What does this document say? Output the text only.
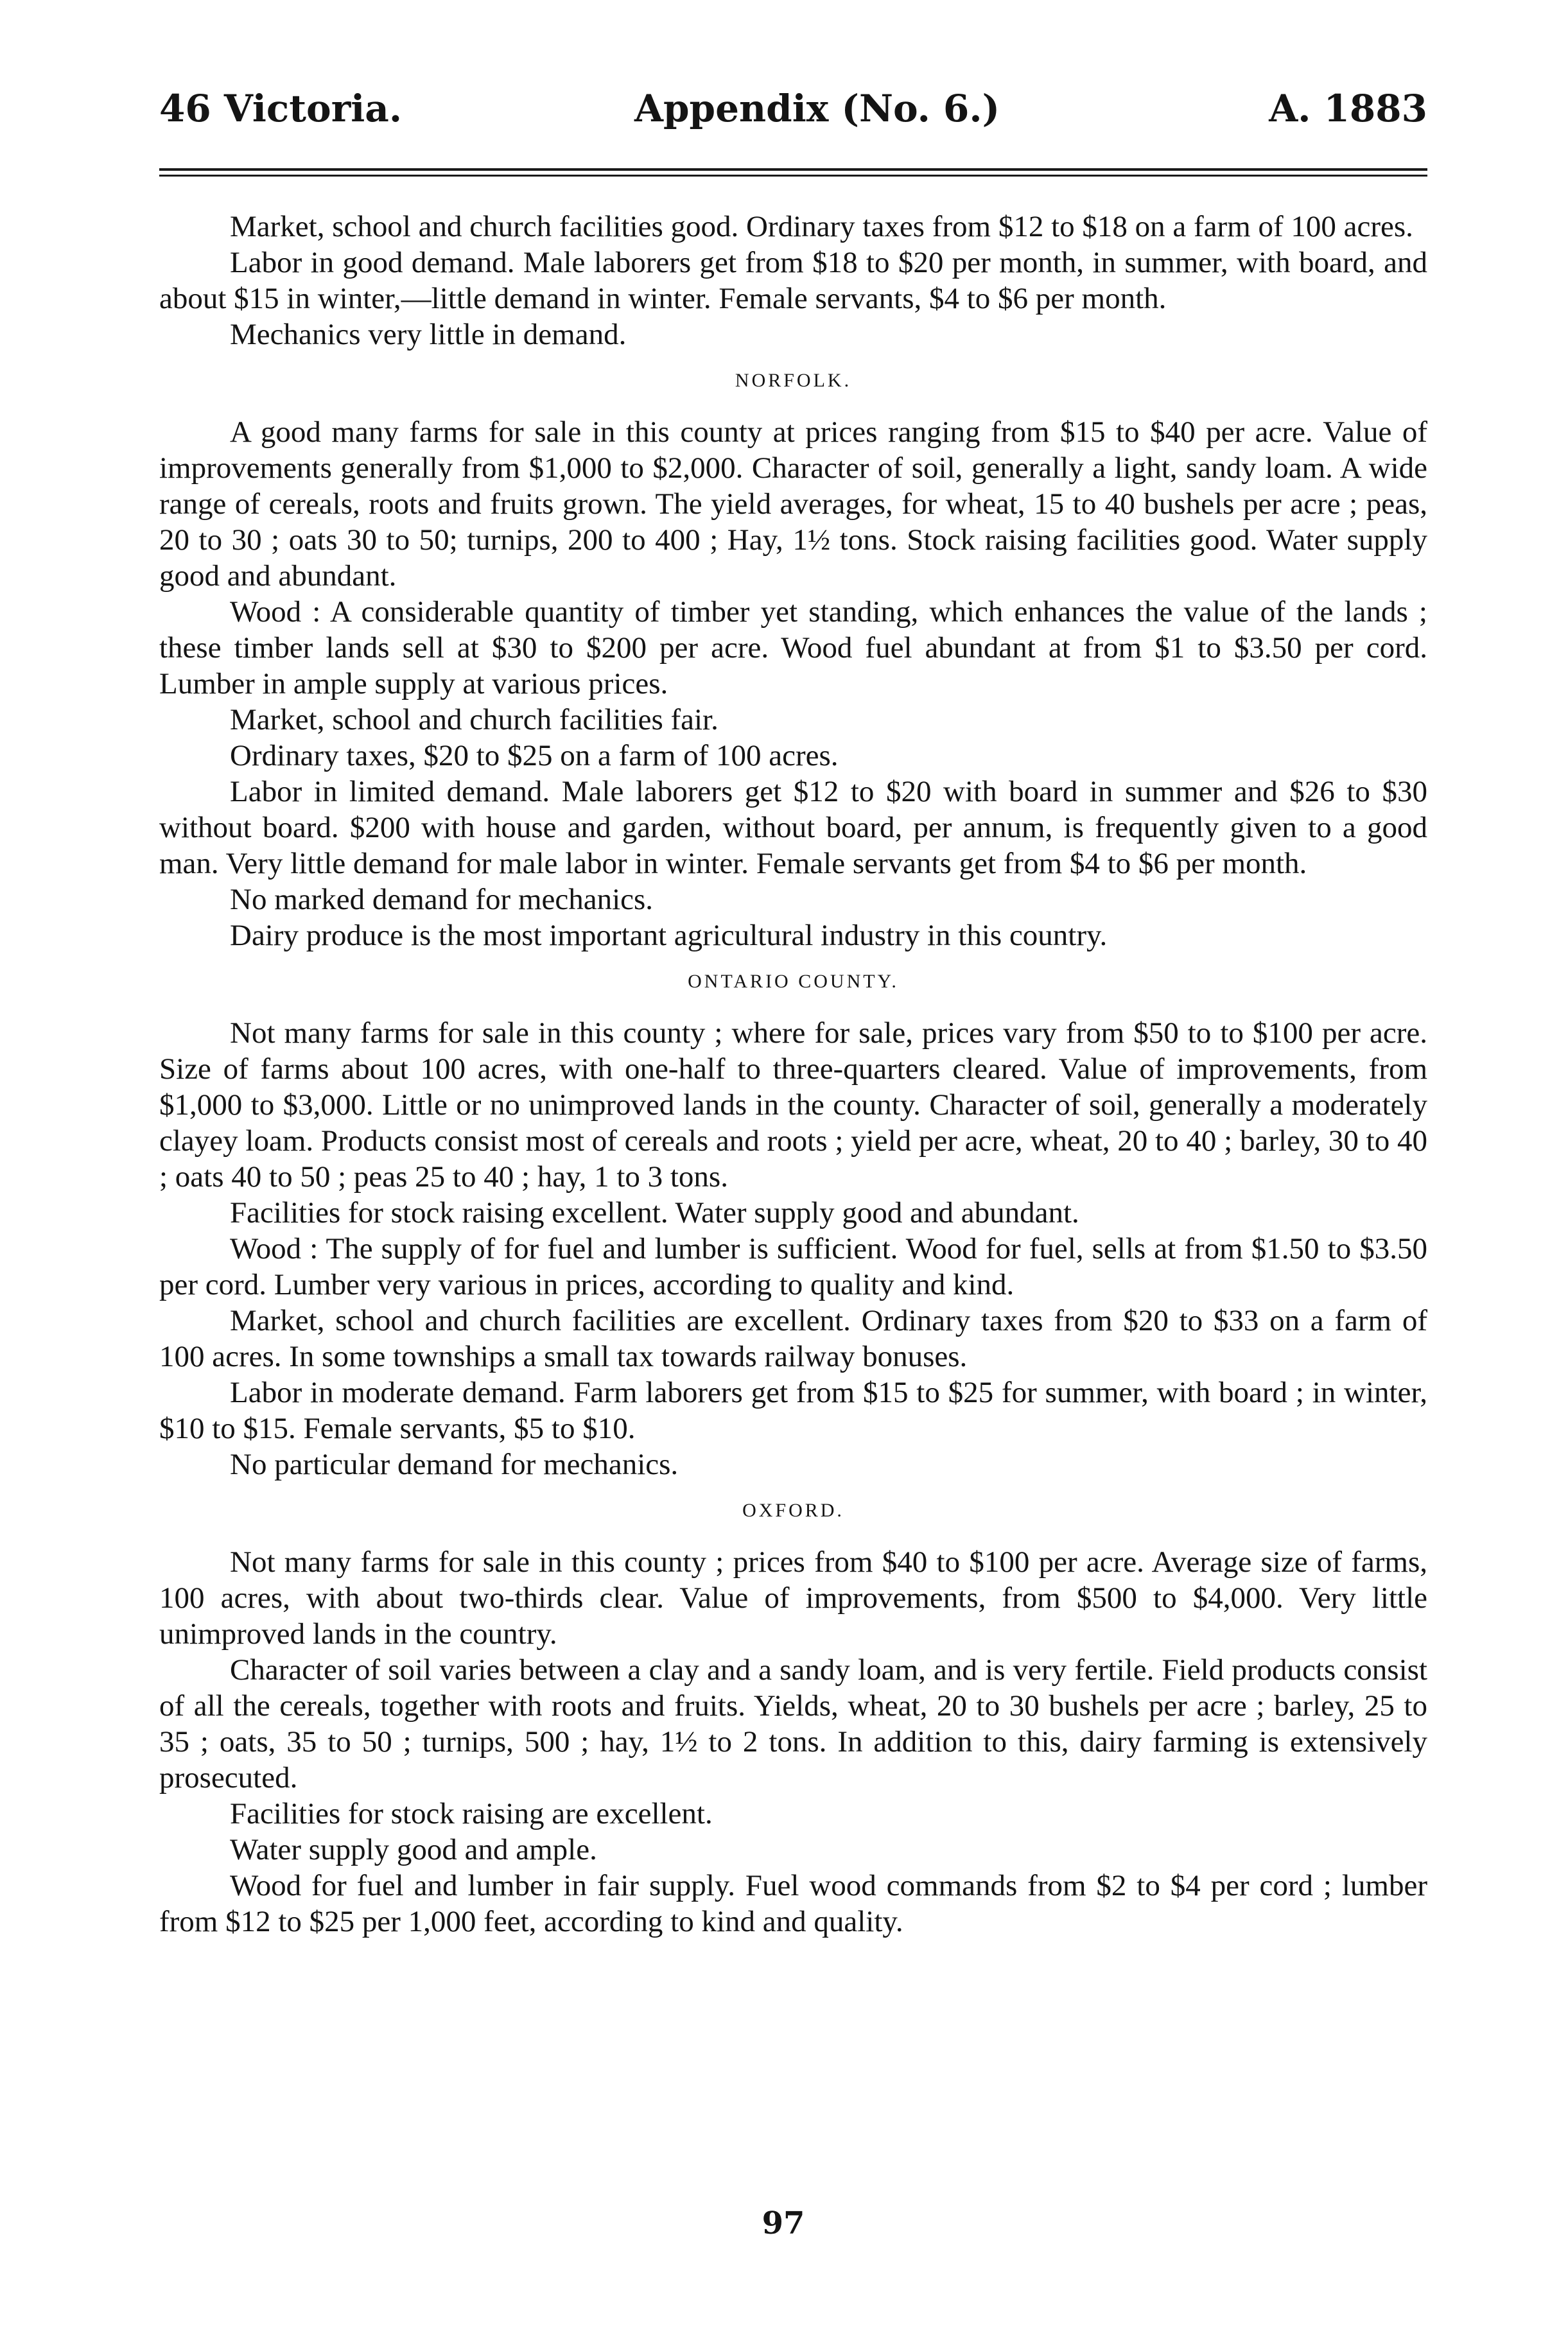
46 Victoria.	Appendix (No. 6.)	A. 1883

Market, school and church facilities good. Ordinary taxes from $12 to $18 on a farm of 100 acres.

Labor in good demand. Male laborers get from $18 to $20 per month, in summer, with board, and about $15 in winter,—little demand in winter. Female servants, $4 to $6 per month.

Mechanics very little in demand.

NORFOLK.

A good many farms for sale in this county at prices ranging from $15 to $40 per acre. Value of improvements generally from $1,000 to $2,000. Character of soil, generally a light, sandy loam. A wide range of cereals, roots and fruits grown. The yield averages, for wheat, 15 to 40 bushels per acre ; peas, 20 to 30 ; oats 30 to 50; turnips, 200 to 400 ; Hay, 1½ tons. Stock raising facilities good. Water supply good and abundant.

Wood : A considerable quantity of timber yet standing, which enhances the value of the lands ; these timber lands sell at $30 to $200 per acre. Wood fuel abundant at from $1 to $3.50 per cord. Lumber in ample supply at various prices.

Market, school and church facilities fair.

Ordinary taxes, $20 to $25 on a farm of 100 acres.

Labor in limited demand. Male laborers get $12 to $20 with board in summer and $26 to $30 without board. $200 with house and garden, without board, per annum, is frequently given to a good man. Very little demand for male labor in winter. Female servants get from $4 to $6 per month.

No marked demand for mechanics.

Dairy produce is the most important agricultural industry in this country.

ONTARIO COUNTY.

Not many farms for sale in this county ; where for sale, prices vary from $50 to to $100 per acre. Size of farms about 100 acres, with one-half to three-quarters cleared. Value of improvements, from $1,000 to $3,000. Little or no unimproved lands in the county. Character of soil, generally a moderately clayey loam. Products consist most of cereals and roots ; yield per acre, wheat, 20 to 40 ; barley, 30 to 40 ; oats 40 to 50 ; peas 25 to 40 ; hay, 1 to 3 tons.

Facilities for stock raising excellent. Water supply good and abundant.

Wood : The supply of for fuel and lumber is sufficient. Wood for fuel, sells at from $1.50 to $3.50 per cord. Lumber very various in prices, according to quality and kind.

Market, school and church facilities are excellent. Ordinary taxes from $20 to $33 on a farm of 100 acres. In some townships a small tax towards railway bonuses.

Labor in moderate demand. Farm laborers get from $15 to $25 for summer, with board ; in winter, $10 to $15. Female servants, $5 to $10.

No particular demand for mechanics.

OXFORD.

Not many farms for sale in this county ; prices from $40 to $100 per acre. Average size of farms, 100 acres, with about two-thirds clear. Value of improvements, from $500 to $4,000. Very little unimproved lands in the country.

Character of soil varies between a clay and a sandy loam, and is very fertile. Field products consist of all the cereals, together with roots and fruits. Yields, wheat, 20 to 30 bushels per acre ; barley, 25 to 35 ; oats, 35 to 50 ; turnips, 500 ; hay, 1½ to 2 tons. In addition to this, dairy farming is extensively prosecuted.

Facilities for stock raising are excellent.

Water supply good and ample.

Wood for fuel and lumber in fair supply. Fuel wood commands from $2 to $4 per cord ; lumber from $12 to $25 per 1,000 feet, according to kind and quality.

97
